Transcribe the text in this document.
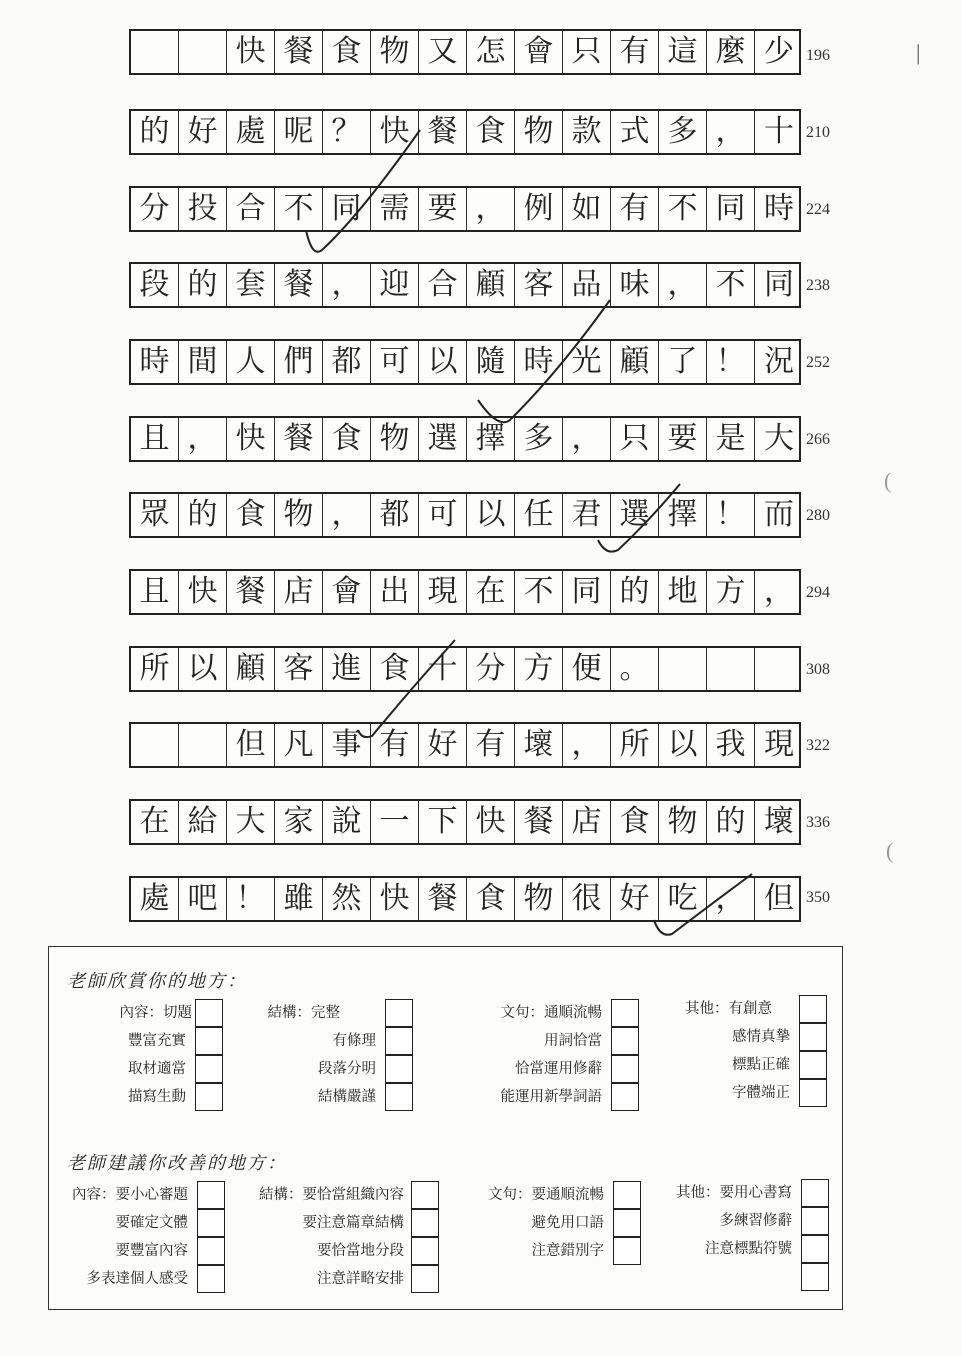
快 餐 食 物 又 怎 會 只 有 這 麼 少 196
的 好 處 呢 ？ 快 餐 食 物 款 式 多 ， 十 210
分 投 合 不 同 需 要 ， 例 如 有 不 同 時 224
段 的 套 餐 ， 迎 合 顧 客 品 味 ， 不 同 238
時 間 人 們 都 可 以 隨 時 光 顧 了 ！ 況 252
且 ， 快 餐 食 物 選 擇 多 ， 只 要 是 大 266
眾 的 食 物 ， 都 可 以 任 君 選 擇 ！ 而 280
且 快 餐 店 會 出 現 在 不 同 的 地 方 ， 294
所 以 顧 客 進 食 十 分 方 便 。	308
但 凡 事 有 好 有 壞 ， 所 以 我 現 322
在 給 大 家 說 一 下 快 餐 店 食 物 的 壞 336
處 吧 ！ 雖 然 快 餐 食 物 很 好 吃 ， 但 350
(
(
|
老師欣賞你的地方：
內容：切題
豐富充實
取材適當
描寫生動
結構：完整
有條理
段落分明
結構嚴謹
文句：通順流暢
用詞恰當
恰當運用修辭
能運用新學詞語
其他：有創意
感情真摯
標點正確
字體端正
老師建議你改善的地方：
內容：要小心審題
要確定文體
要豐富內容
多表達個人感受
結構：要恰當組織內容
要注意篇章結構
要恰當地分段
注意詳略安排
文句：要通順流暢
避免用口語
注意錯別字
其他：要用心書寫
多練習修辭
注意標點符號
